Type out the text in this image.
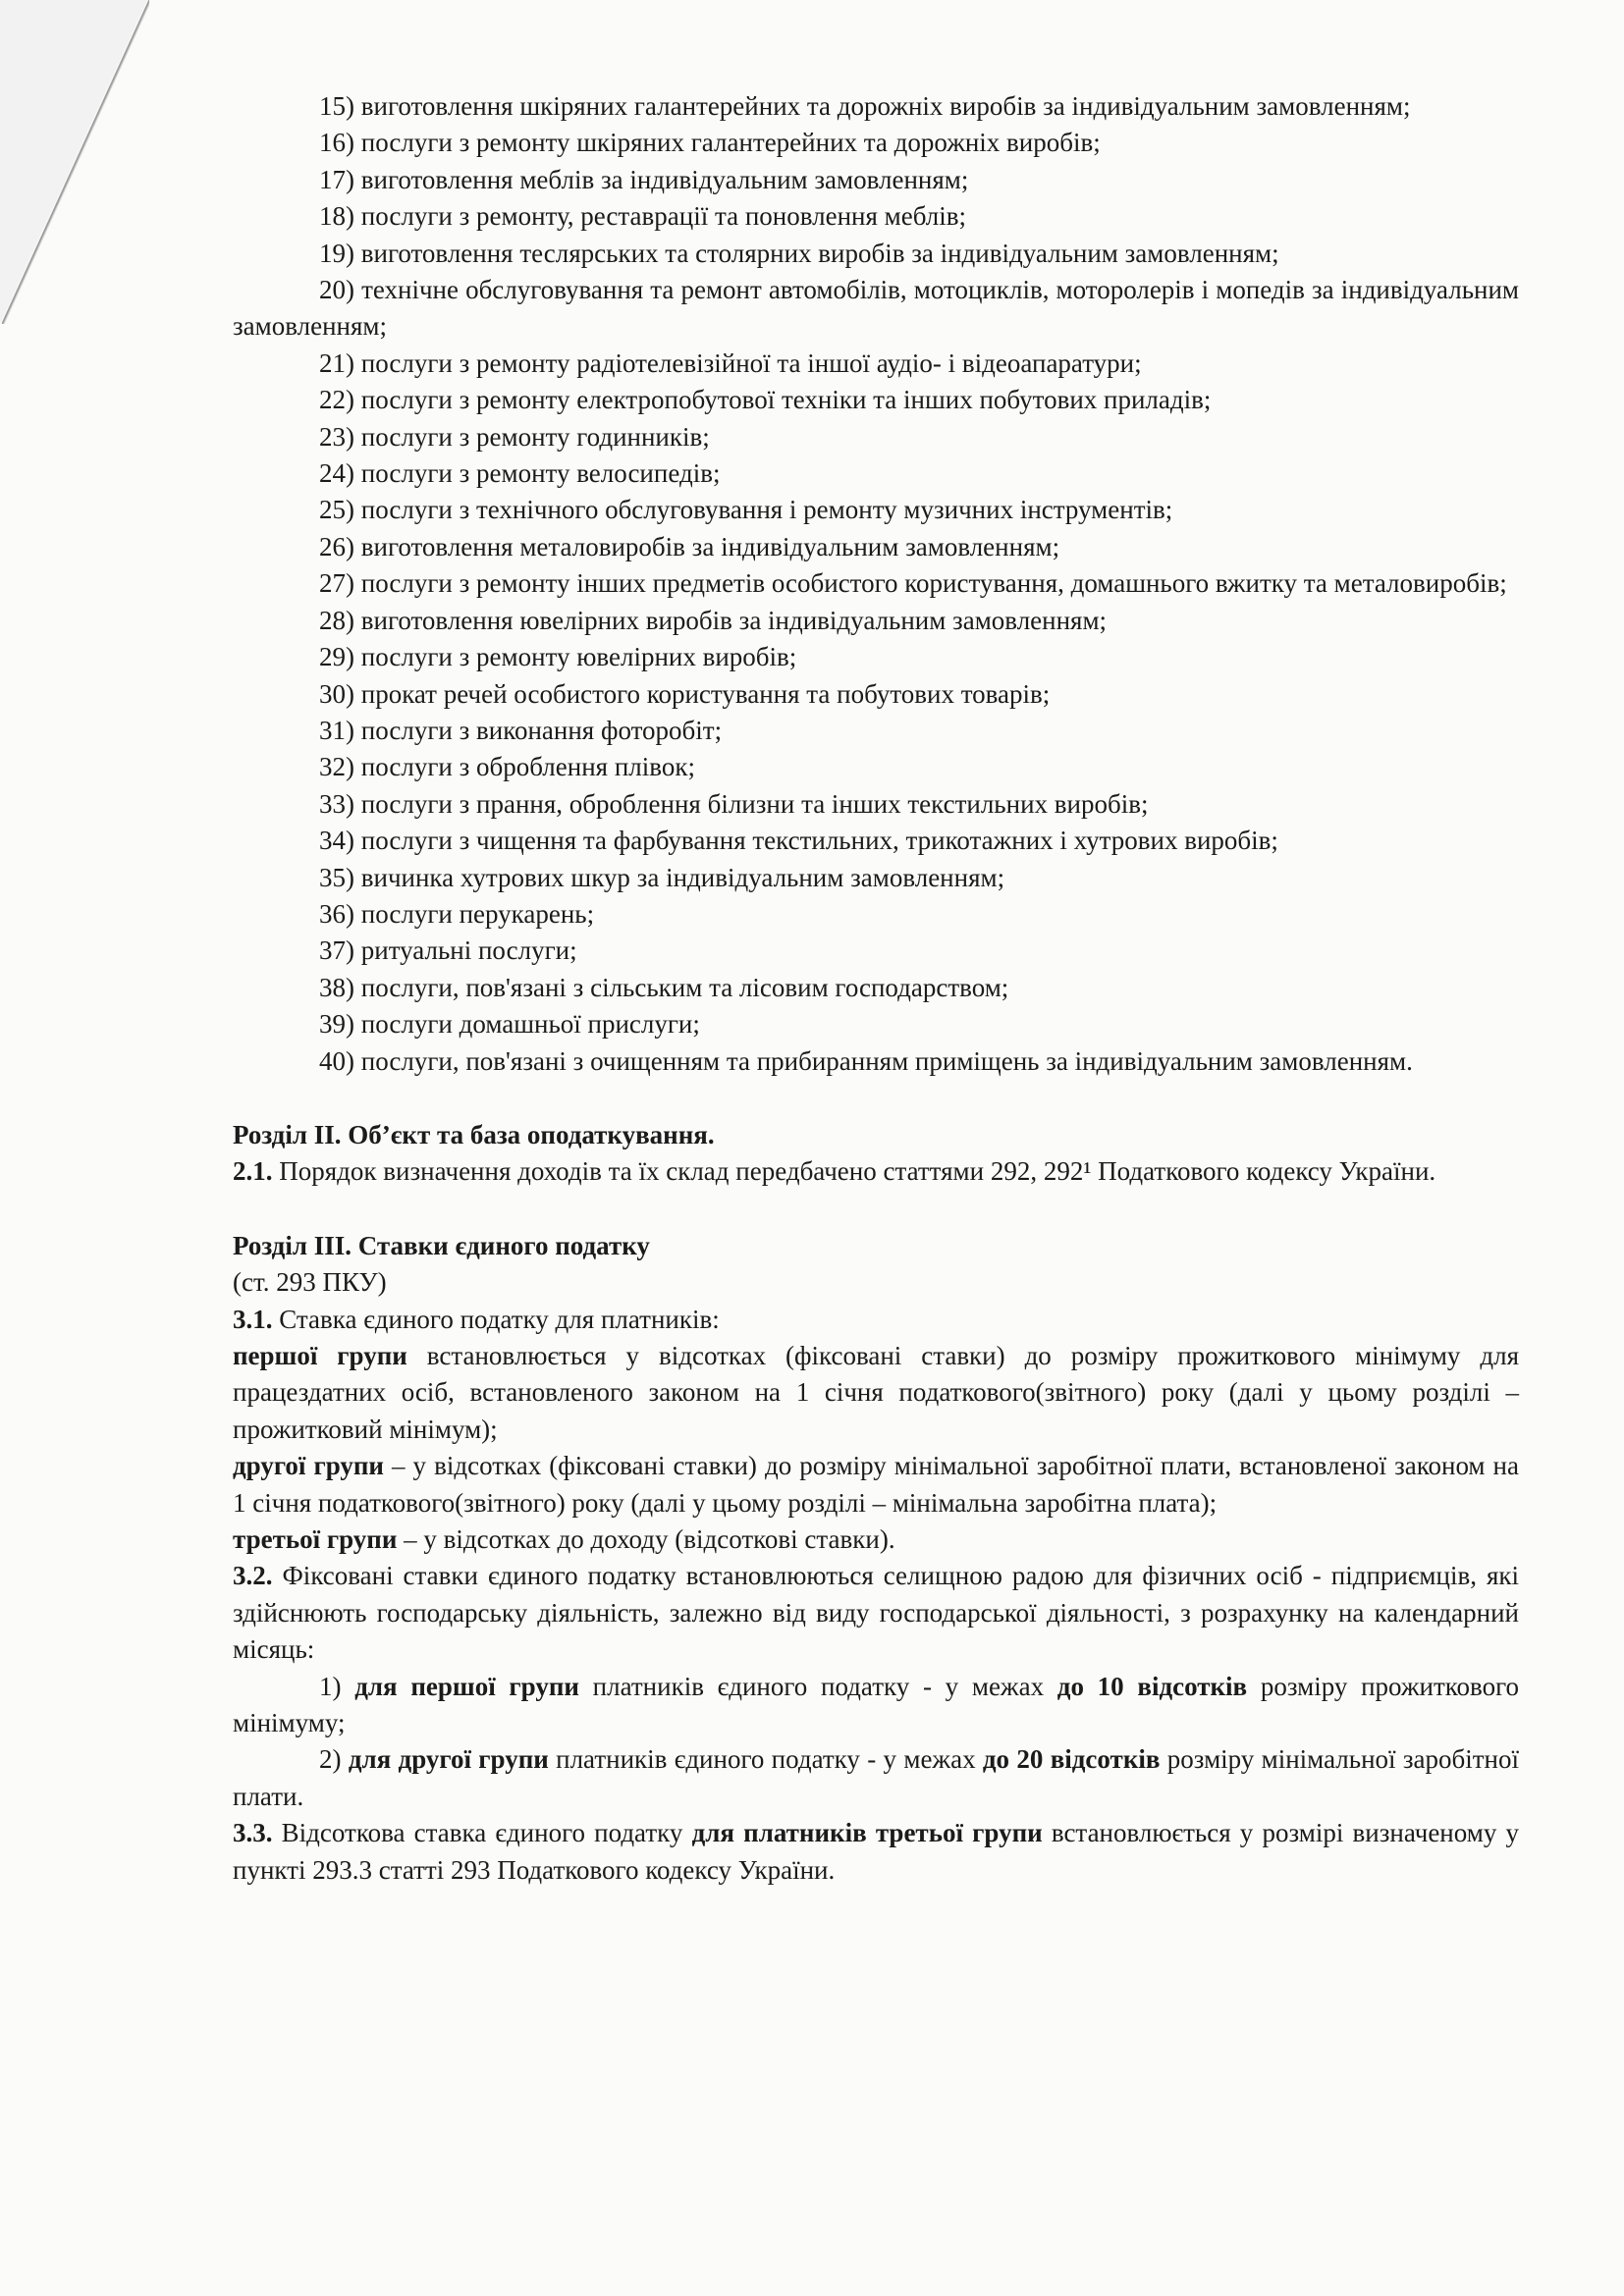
15) виготовлення шкіряних галантерейних та дорожніх виробів за індивідуальним замовленням;

16) послуги з ремонту шкіряних галантерейних та дорожніх виробів;

17) виготовлення меблів за індивідуальним замовленням;

18) послуги з ремонту, реставрації та поновлення меблів;

19) виготовлення теслярських та столярних виробів за індивідуальним замовленням;

20) технічне обслуговування та ремонт автомобілів, мотоциклів, моторолерів і мопедів за індивідуальним замовленням;

21) послуги з ремонту радіотелевізійної та іншої аудіо- і відеоапаратури;

22) послуги з ремонту електропобутової техніки та інших побутових приладів;

23) послуги з ремонту годинників;

24) послуги з ремонту велосипедів;

25) послуги з технічного обслуговування і ремонту музичних інструментів;

26) виготовлення металовиробів за індивідуальним замовленням;

27) послуги з ремонту інших предметів особистого користування, домашнього вжитку та металовиробів;

28) виготовлення ювелірних виробів за індивідуальним замовленням;

29) послуги з ремонту ювелірних виробів;

30) прокат речей особистого користування та побутових товарів;

31) послуги з виконання фоторобіт;

32) послуги з оброблення плівок;

33) послуги з прання, оброблення білизни та інших текстильних виробів;

34) послуги з чищення та фарбування текстильних, трикотажних і хутрових виробів;

35) вичинка хутрових шкур за індивідуальним замовленням;

36) послуги перукарень;

37) ритуальні послуги;

38) послуги, пов'язані з сільським та лісовим господарством;

39) послуги домашньої прислуги;

40) послуги, пов'язані з очищенням та прибиранням приміщень за індивідуальним замовленням.

Розділ ІІ. Об’єкт та база оподаткування.

2.1. Порядок визначення доходів та їх склад передбачено статтями 292, 292¹ Податкового кодексу України.

Розділ ІІІ. Ставки єдиного податку

(ст. 293 ПКУ)

3.1. Ставка єдиного податку для платників:

першої групи встановлюється у відсотках (фіксовані ставки) до розміру прожиткового мінімуму для працездатних осіб, встановленого законом на 1 січня податкового(звітного) року (далі у цьому розділі – прожитковий мінімум);

другої групи – у відсотках (фіксовані ставки) до розміру мінімальної заробітної плати, встановленої законом на 1 січня податкового(звітного) року (далі у цьому розділі – мінімальна заробітна плата);

третьої групи – у відсотках до доходу (відсоткові ставки).

3.2. Фіксовані ставки єдиного податку встановлюються селищною радою для фізичних осіб - підприємців, які здійснюють господарську діяльність, залежно від виду господарської діяльності, з розрахунку на календарний місяць:

1) для першої групи платників єдиного податку - у межах до 10 відсотків розміру прожиткового мінімуму;

2) для другої групи платників єдиного податку - у межах до 20 відсотків розміру мінімальної заробітної плати.

3.3. Відсоткова ставка єдиного податку для платників третьої групи встановлюється у розмірі визначеному у пункті 293.3 статті 293 Податкового кодексу України.
